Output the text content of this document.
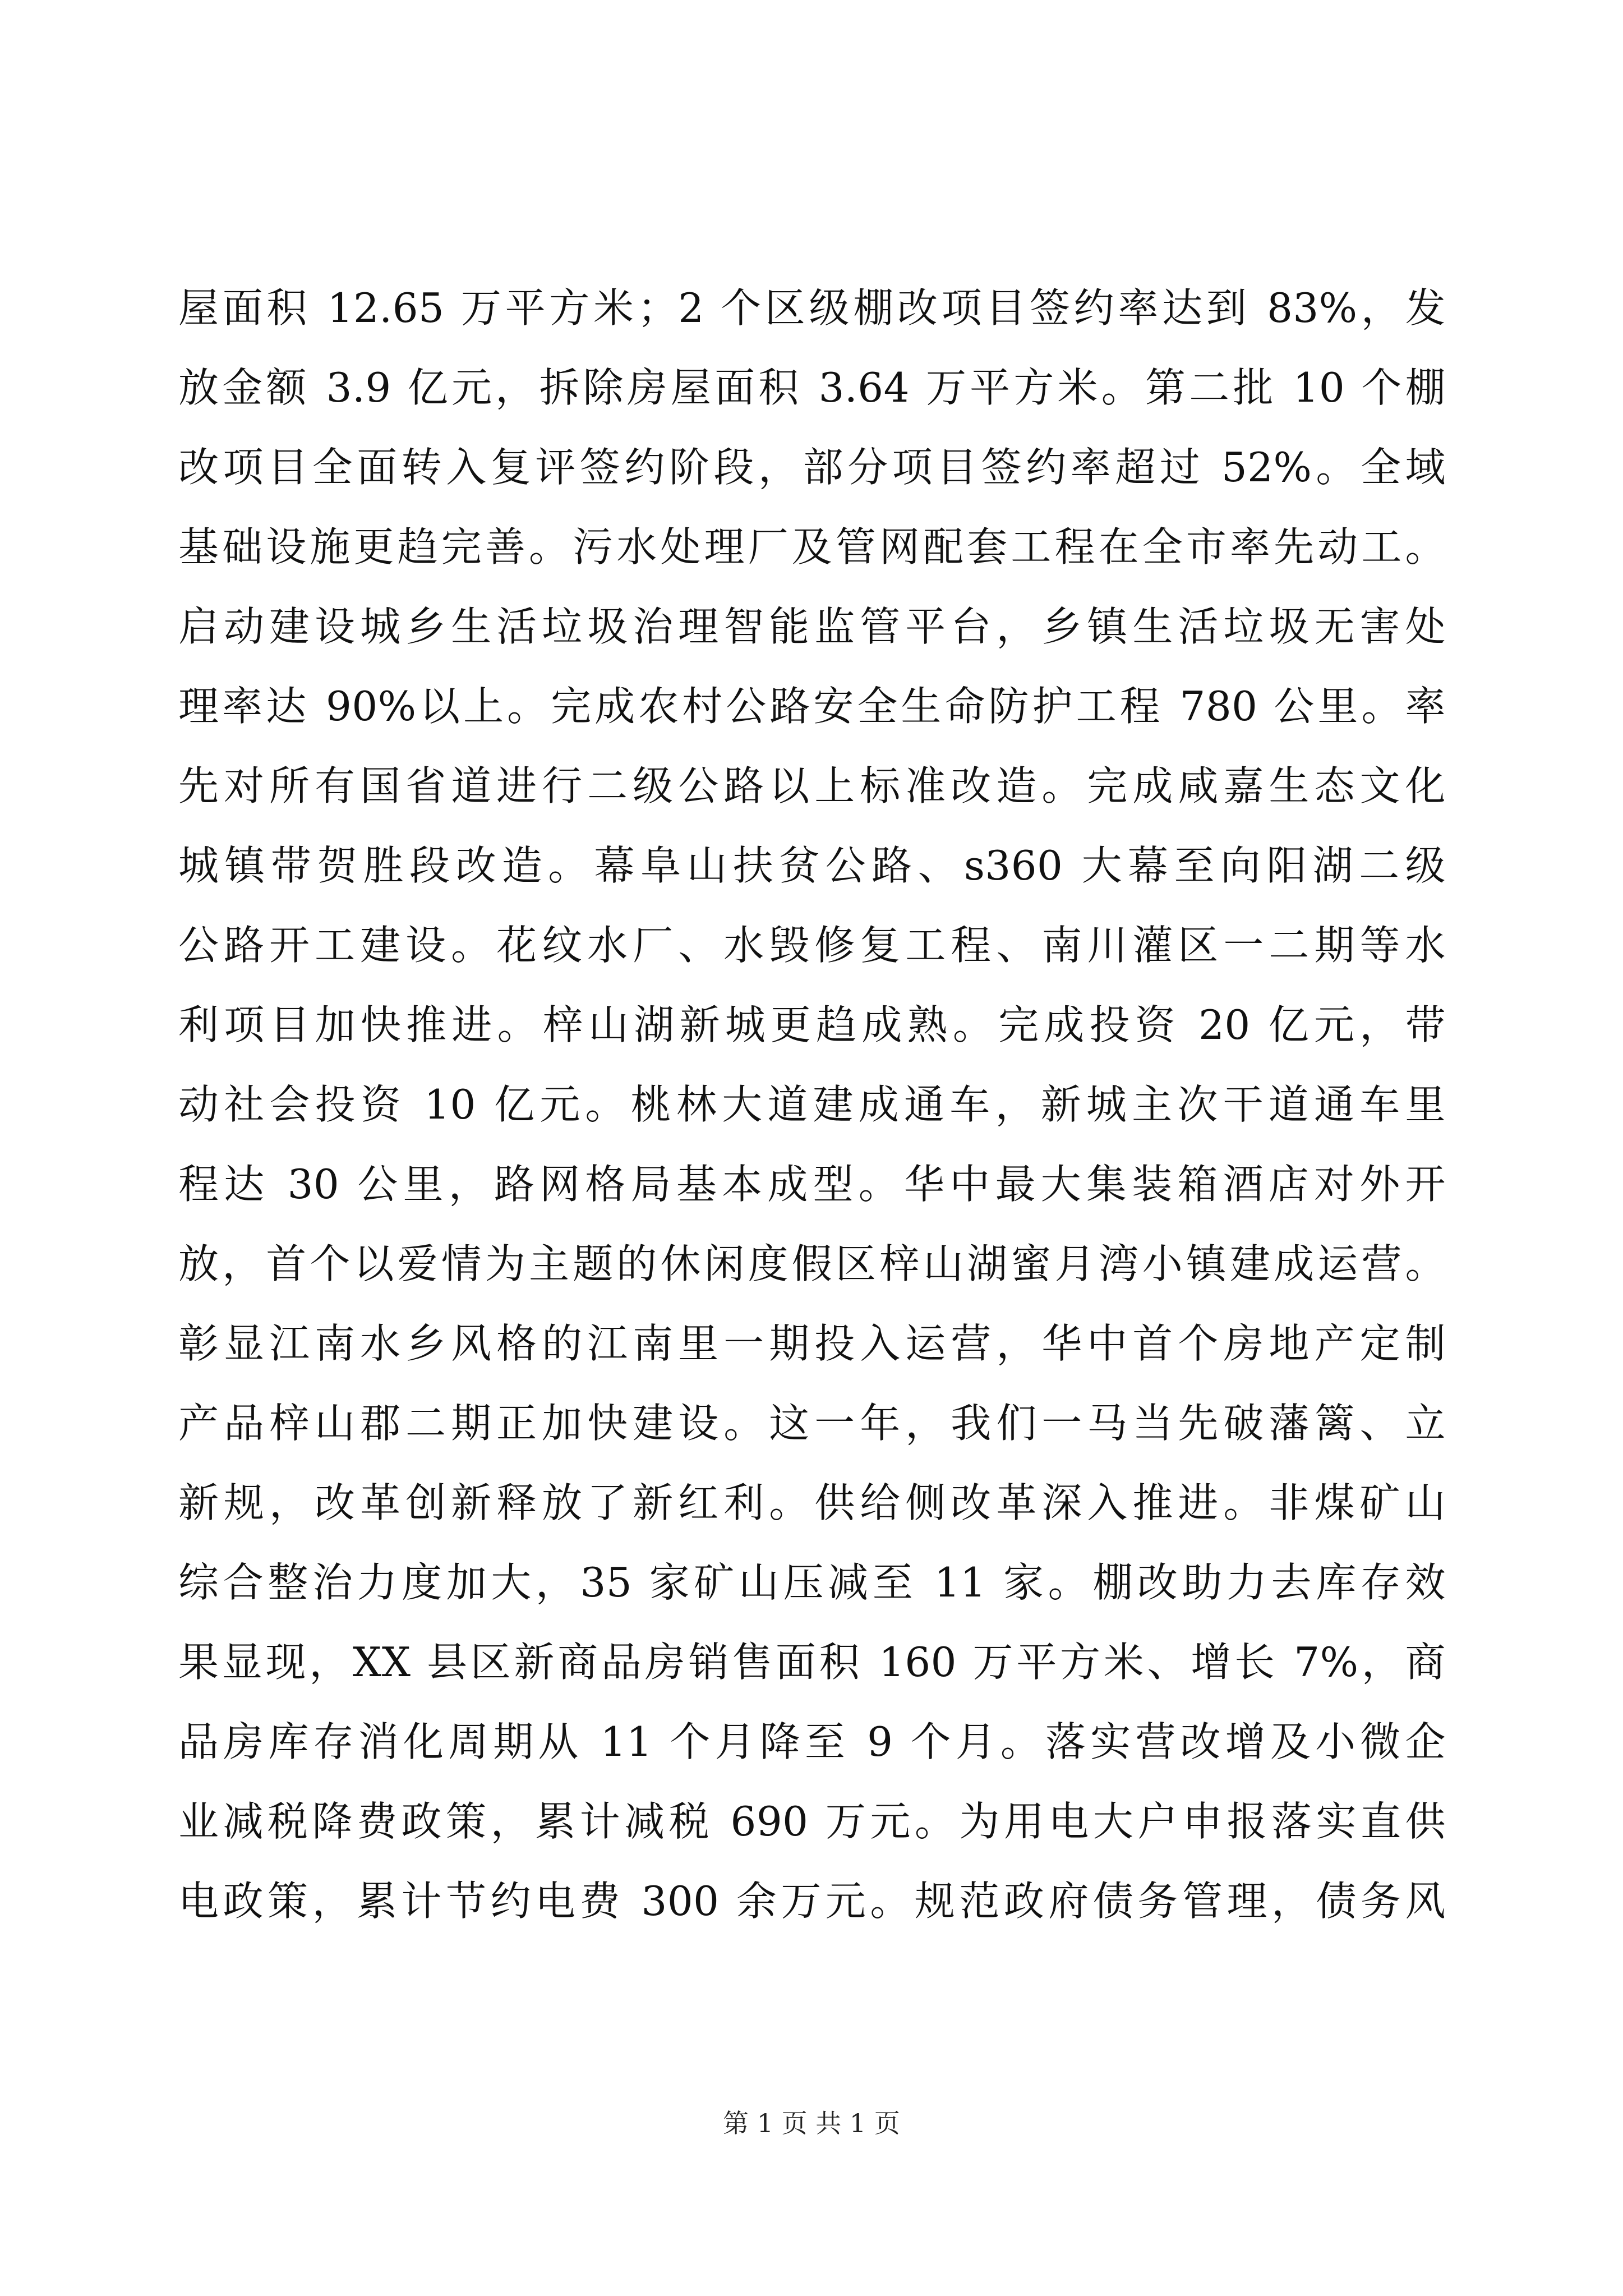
屋面积 12.65 万平方米；2 个区级棚改项目签约率达到 83%，发
放金额 3.9 亿元，拆除房屋面积 3.64 万平方米。第二批 10 个棚
改项目全面转入复评签约阶段，部分项目签约率超过 52%。全域
基础设施更趋完善。污水处理厂及管网配套工程在全市率先动工。
启动建设城乡生活垃圾治理智能监管平台，乡镇生活垃圾无害处
理率达 90%以上。完成农村公路安全生命防护工程 780 公里。率
先对所有国省道进行二级公路以上标准改造。完成咸嘉生态文化
城镇带贺胜段改造。幕阜山扶贫公路、s360 大幕至向阳湖二级
公路开工建设。花纹水厂、水毁修复工程、南川灌区一二期等水
利项目加快推进。梓山湖新城更趋成熟。完成投资 20 亿元，带
动社会投资 10 亿元。桃林大道建成通车，新城主次干道通车里
程达 30 公里，路网格局基本成型。华中最大集装箱酒店对外开
放，首个以爱情为主题的休闲度假区梓山湖蜜月湾小镇建成运营。
彰显江南水乡风格的江南里一期投入运营，华中首个房地产定制
产品梓山郡二期正加快建设。这一年，我们一马当先破藩篱、立
新规，改革创新释放了新红利。供给侧改革深入推进。非煤矿山
综合整治力度加大，35 家矿山压减至 11 家。棚改助力去库存效
果显现，XX 县区新商品房销售面积 160 万平方米、增长 7%，商
品房库存消化周期从 11 个月降至 9 个月。落实营改增及小微企
业减税降费政策，累计减税 690 万元。为用电大户申报落实直供
电政策，累计节约电费 300 余万元。规范政府债务管理，债务风
第 1 页 共 1 页
